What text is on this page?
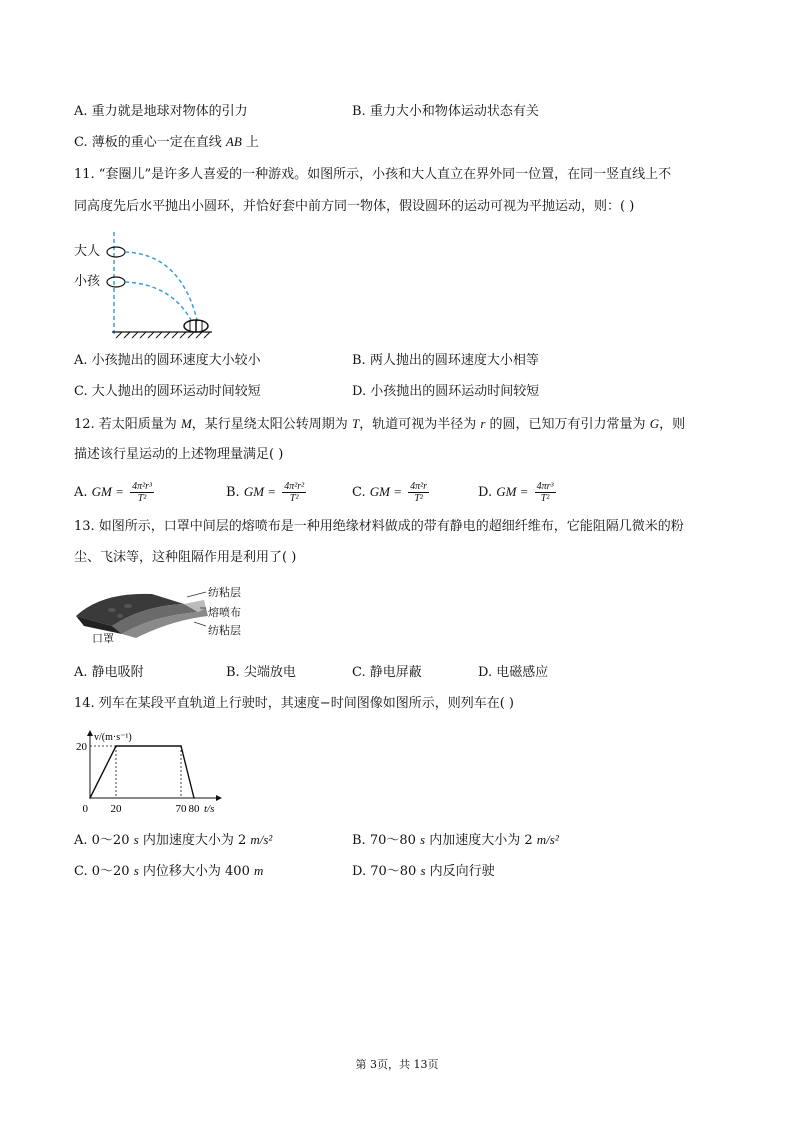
A. 重力就是地球对物体的引力	B. 重力大小和物体运动状态有关
C. 薄板的重心一定在直线 AB 上
11. “套圈儿”是许多人喜爱的一种游戏。如图所示，小孩和大人直立在界外同一位置，在同一竖直线上不
同高度先后水平抛出小圆环，并恰好套中前方同一物体，假设圆环的运动可视为平抛运动，则：( )
大人
小孩
A. 小孩抛出的圆环速度大小较小	B. 两人抛出的圆环速度大小相等
C. 大人抛出的圆环运动时间较短	D. 小孩抛出的圆环运动时间较短
12. 若太阳质量为 M，某行星绕太阳公转周期为 T，轨道可视为半径为 r 的圆，已知万有引力常量为 G，则
描述该行星运动的上述物理量满足( )
A. GM = $\frac{\text{4π²r³}}{\text{T²}}$	B. GM = $\frac{\text{4π²r²}}{\text{T²}}$	C. GM = $\frac{\text{4π²r}}{\text{T²}}$	D. GM = $\frac{\text{4πr³}}{\text{T²}}$
13. 如图所示，口罩中间层的熔喷布是一种用绝缘材料做成的带有静电的超细纤维布，它能阻隔几微米的粉
尘、飞沫等，这种阻隔作用是利用了( )
纺粘层
熔喷布
纺粘层
口罩
A. 静电吸附	B. 尖端放电	C. 静电屏蔽	D. 电磁感应
14. 列车在某段平直轨道上行驶时，其速度−时间图像如图所示，则列车在( )
v/(m·s⁻¹)
t/s
20
0 20	70 80
A. 0～20 s 内加速度大小为 2 m/s²	B. 70～80 s 内加速度大小为 2 m/s²
C. 0～20 s 内位移大小为 400 m	D. 70～80 s 内反向行驶
第 3页，共 13页
